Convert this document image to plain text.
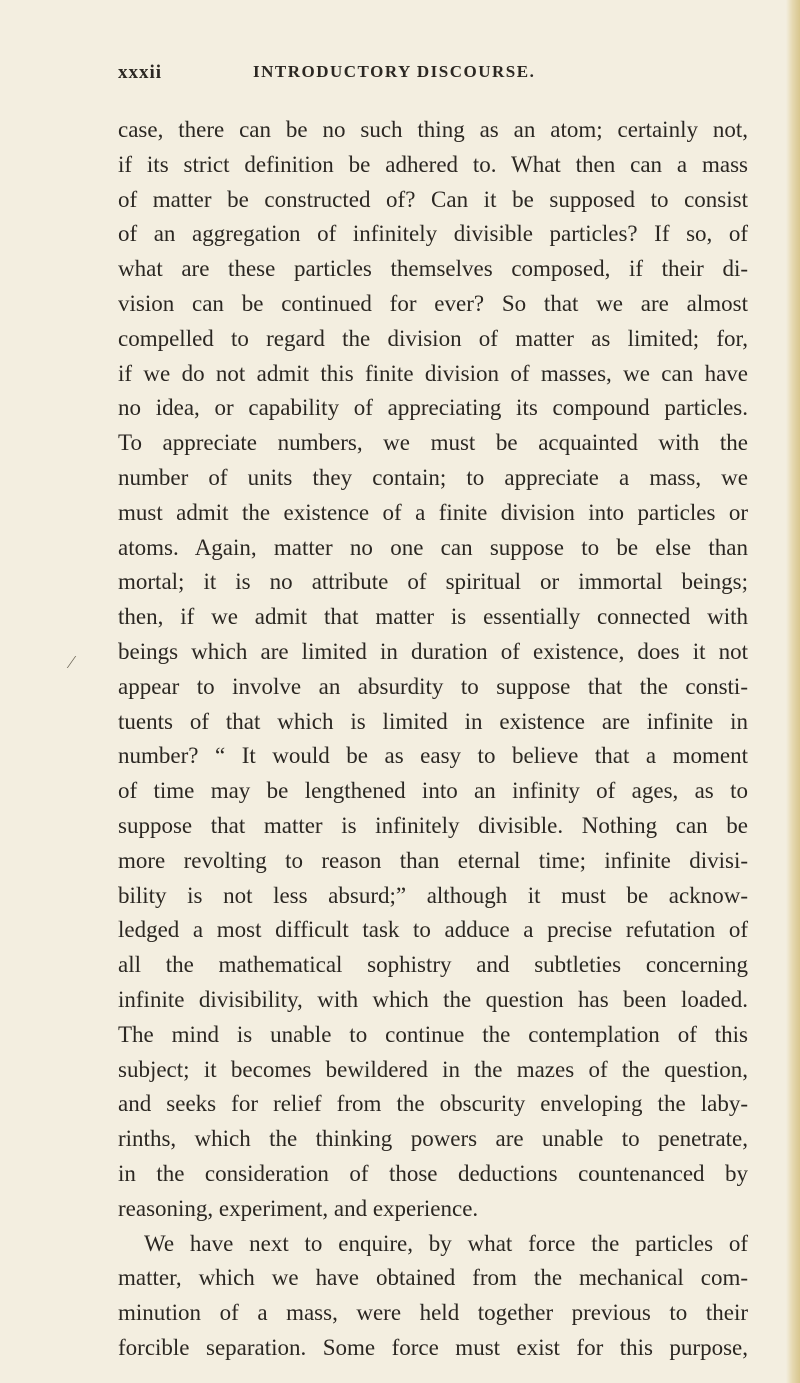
xxxii	INTRODUCTORY DISCOURSE.
⁄
case, there can be no such thing as an atom; certainly not,
if its strict definition be adhered to. What then can a mass
of matter be constructed of? Can it be supposed to consist
of an aggregation of infinitely divisible particles? If so, of
what are these particles themselves composed, if their di-
vision can be continued for ever? So that we are almost
compelled to regard the division of matter as limited; for,
if we do not admit this finite division of masses, we can have
no idea, or capability of appreciating its compound particles.
To appreciate numbers, we must be acquainted with the
number of units they contain; to appreciate a mass, we
must admit the existence of a finite division into particles or
atoms. Again, matter no one can suppose to be else than
mortal; it is no attribute of spiritual or immortal beings;
then, if we admit that matter is essentially connected with
beings which are limited in duration of existence, does it not
appear to involve an absurdity to suppose that the consti-
tuents of that which is limited in existence are infinite in
number? “ It would be as easy to believe that a moment
of time may be lengthened into an infinity of ages, as to
suppose that matter is infinitely divisible. Nothing can be
more revolting to reason than eternal time; infinite divisi-
bility is not less absurd;” although it must be acknow-
ledged a most difficult task to adduce a precise refutation of
all the mathematical sophistry and subtleties concerning
infinite divisibility, with which the question has been loaded.
The mind is unable to continue the contemplation of this
subject; it becomes bewildered in the mazes of the question,
and seeks for relief from the obscurity enveloping the laby-
rinths, which the thinking powers are unable to penetrate,
in the consideration of those deductions countenanced by
reasoning, experiment, and experience.
We have next to enquire, by what force the particles of
matter, which we have obtained from the mechanical com-
minution of a mass, were held together previous to their
forcible separation. Some force must exist for this purpose,
